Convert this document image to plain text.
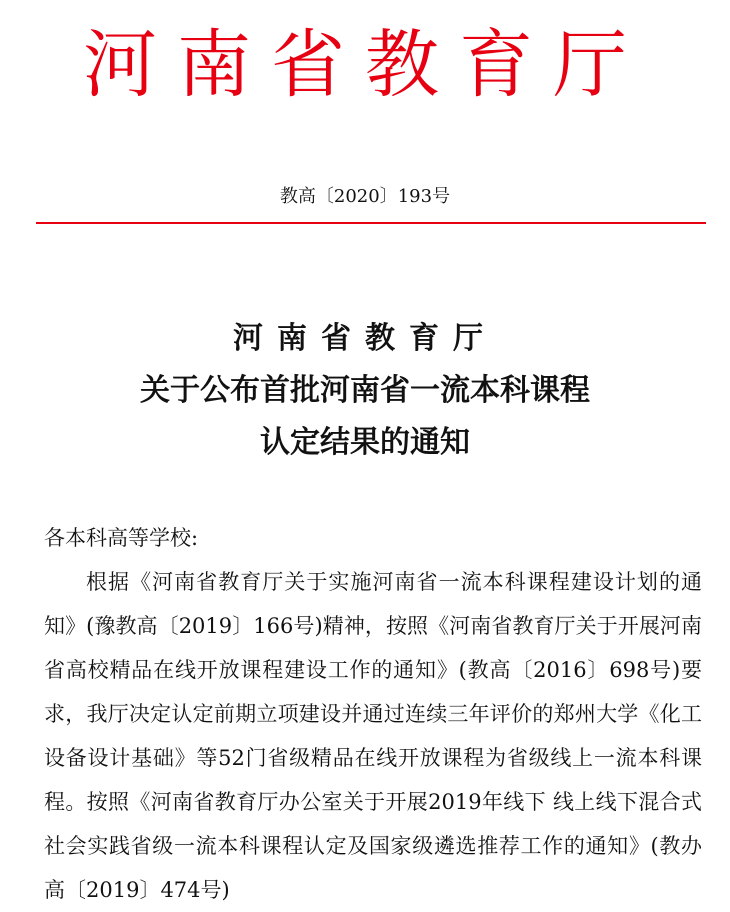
河南省教育厅
教高〔2020〕193号
河南省教育厅
关于公布首批河南省一流本科课程
认定结果的通知

各本科高等学校:

根据《河南省教育厅关于实施河南省一流本科课程建设计划的通知》(豫教高〔2019〕166号)精神，按照《河南省教育厅关于开展河南省高校精品在线开放课程建设工作的通知》(教高〔2016〕698号)要求，我厅决定认定前期立项建设并通过连续三年评价的郑州大学《化工设备设计基础》等52门省级精品在线开放课程为省级线上一流本科课程。按照《河南省教育厅办公室关于开展2019年线下 线上线下混合式 社会实践省级一流本科课程认定及国家级遴选推荐工作的通知》(教办高〔2019〕474号)
